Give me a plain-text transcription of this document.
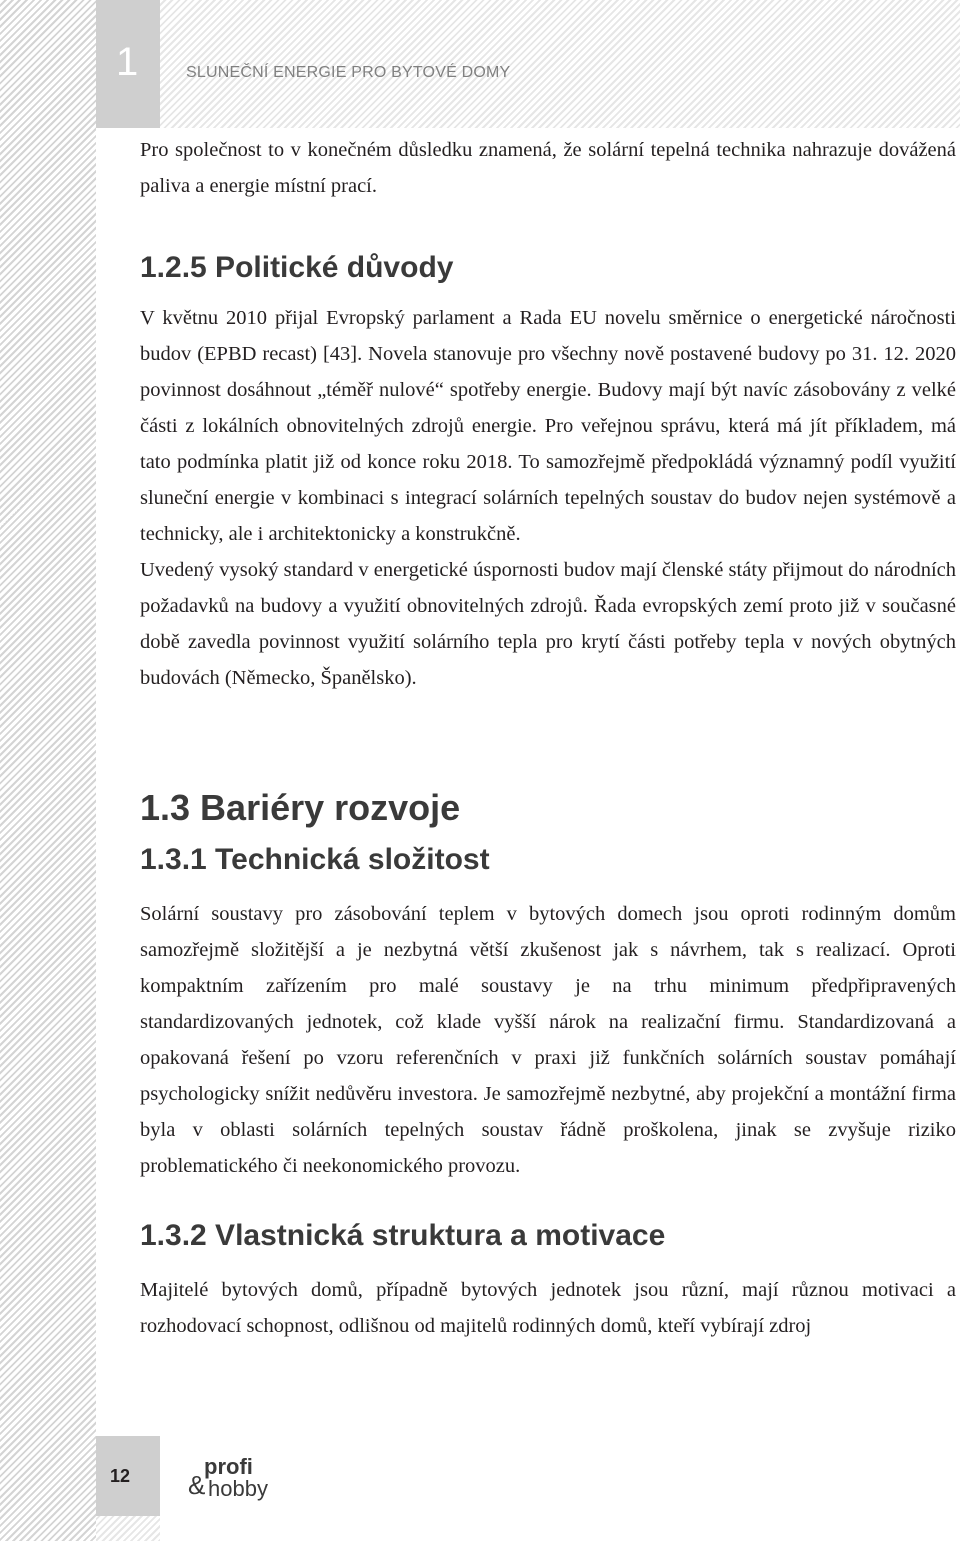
1	SLUNEČNÍ ENERGIE PRO BYTOVÉ DOMY

Pro společnost to v konečném důsledku znamená, že solární tepelná technika nahrazuje dovážená paliva a energie místní prací.

1.2.5 Politické důvody

V květnu 2010 přijal Evropský parlament a Rada EU novelu směrnice o energetické náročnosti budov (EPBD recast) [43]. Novela stanovuje pro všechny nově postavené budovy po 31. 12. 2020 povinnost dosáhnout „téměř nulové“ spotřeby energie. Budovy mají být navíc zásobovány z velké části z lokálních obnovitelných zdrojů energie. Pro veřejnou správu, která má jít příkladem, má tato podmínka platit již od konce roku 2018. To samozřejmě předpokládá významný podíl využití sluneční energie v kombinaci s integrací solárních tepelných soustav do budov nejen systémově a technicky, ale i architektonicky a konstrukčně.

Uvedený vysoký standard v energetické úspornosti budov mají členské státy přijmout do národních požadavků na budovy a využití obnovitelných zdrojů. Řada evropských zemí proto již v současné době zavedla povinnost využití solárního tepla pro krytí části potřeby tepla v nových obytných budovách (Německo, Španělsko).

1.3 Bariéry rozvoje
1.3.1 Technická složitost

Solární soustavy pro zásobování teplem v bytových domech jsou oproti rodinným domům samozřejmě složitější a je nezbytná větší zkušenost jak s návrhem, tak s realizací. Oproti kompaktním zařízením pro malé soustavy je na trhu minimum předpřipravených standardizovaných jednotek, což klade vyšší nárok na realizační firmu. Standardizovaná a opakovaná řešení po vzoru referenčních v praxi již funkčních solárních soustav pomáhají psychologicky snížit nedůvěru investora. Je samozřejmě nezbytné, aby projekční a montážní firma byla v oblasti solárních tepelných soustav řádně proškolena, jinak se zvyšuje riziko problematického či neekonomického provozu.

1.3.2 Vlastnická struktura a motivace

Majitelé bytových domů, případně bytových jednotek jsou různí, mají různou motivaci a rozhodovací schopnost, odlišnou od majitelů rodinných domů, kteří vybírají zdroj

12	profi
& hobby
